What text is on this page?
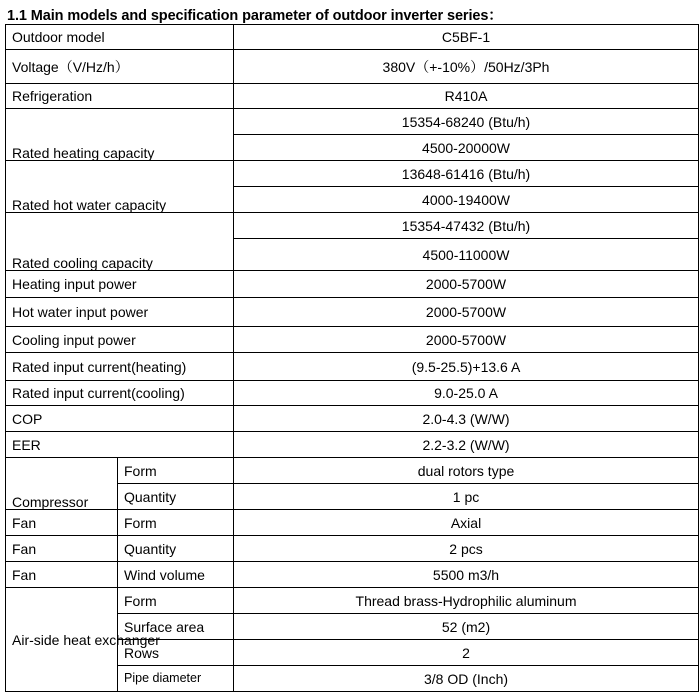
1.1 Main models and specification parameter of outdoor inverter series：
Outdoor model		C5BF-1
Voltage（V/Hz/h）		380V（+-10%）/50Hz/3Ph
Refrigeration		R410A
Rated heating capacity		15354-68240 (Btu/h)
		4500-20000W
Rated hot water capacity		13648-61416 (Btu/h)
		4000-19400W
Rated cooling capacity		15354-47432 (Btu/h)
		4500-11000W
Heating input power		2000-5700W
Hot water input power		2000-5700W
Cooling input power		2000-5700W
Rated input current(heating)		(9.5-25.5)+13.6 A
Rated input current(cooling)		9.0-25.0 A
COP		2.0-4.3 (W/W)
EER		2.2-3.2 (W/W)
Compressor	Form	dual rotors type
	Quantity	1 pc
Fan	Form	Axial
Fan	Quantity	2 pcs
Fan	Wind volume	5500 m3/h
Air-side heat exchanger	Form	Thread brass-Hydrophilic aluminum
	Surface area	52 (m2)
	Rows	2
	Pipe diameter	3/8 OD (Inch)
